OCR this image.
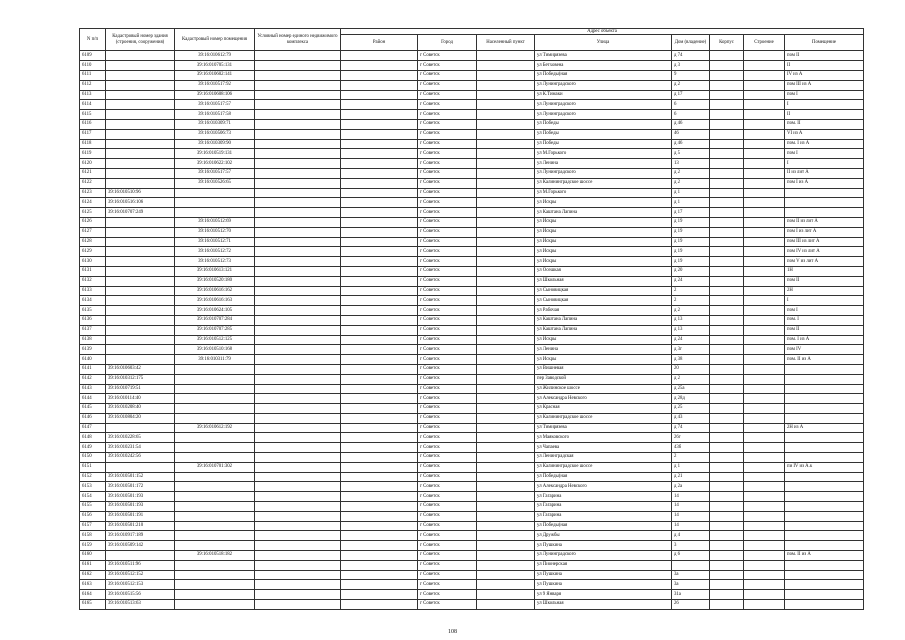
N п/п	Кадастровый номер здания (строения, сооружения)	Кадастровый номер помещения	Условный номер единого недвижимого комплекса	Адрес объекта							
				Район	Город	Населенный пункт	Улица	Дом (владение)	Корпус	Строение	Помещение
6109		39:16:010612:79			г Советск		ул Тимирязева	д 74			пом II
6110		39:16:010705:131			г Советск		ул Бетховена	д 3			II
6111		39:16:010602:141			г Советск		ул Победы(ная	9			IV из А
6112		39:16:010517:92			г Советск		ул Лунинградского	д 2			пом III из А
6113		39:16:010608:106			г Советск		ул К.Тимаки	д 17			пом I
6114		39:16:010517:57			г Советск		ул Лунинградского	6			I
6115		39:16:010517:58			г Советск		ул Лунинградского	6			II
6116		39:16:010309:71			г Советск		ул Победы	д 46			пом. II
6117		39:16:010506:73			г Советск		ул Победы	46			VI из А
6118		39:16:010309:90			г Советск		ул Победы	д 46			пом. I из А
6119		39:16:010519:131			г Советск		ул М.Горького	д 5			пом I
6120		39:16:010622:102			г Советск		ул Ленина	13			I
6121		39:16:010517:57			г Советск		ул Лунинградского	д 2			II из лит А
6122		39:16:010526:65			г Советск		ул Калининградское шоссе	д 2			пом I из А
6123	39:16:010510:96				г Советск		ул М.Горького	д 1			
6124	39:16:010516:106				г Советск		ул Искры	д 1			
6125	39:16:010707:249				г Советск		ул Каштана Лапина	д 17			
6126		39:16:010512:69			г Советск		ул Искры	д 19			пом II из лит А
6127		39:16:010512:70			г Советск		ул Искры	д 19			пом I из лит А
6128		39:16:010512:71			г Советск		ул Искры	д 19			пом III из лит А
6129		39:16:010512:72			г Советск		ул Искры	д 19			пом IV из лит А
6130		39:16:010512:73			г Советск		ул Искры	д 19			пом V из лит А
6131		39:16:010613:121			г Советск		ул Осешкая	д 20			1Н
6132		39:16:010520:180			г Советск		ул Школьная	д 24			пом II
6133		39:16:010616:162			г Советск		ул Сыновицкая	2			2Н
6134		39:16:010616:163			г Советск		ул Сыновицкая	2			I
6135		39:16:010624:105			г Советск		ул Рабочая	д 2			пом I
6136		39:16:010707:284			г Советск		ул Каштана Лапина	д 13			пом. I
6137		39:16:010707:285			г Советск		ул Каштана Лапина	д 13			пом II
6138		39:16:010512:125			г Советск		ул Искры	д 24			пом. I из А
6139		39:16:010510:168			г Советск		ул Ленина	д 3г			пом IV
6140		39:16:010311:79			г Советск		ул Искры	д 38			пом. II из А
6141	39:16:010603:42				г Советск		ул Вишневая	20			
6142	39:16:010312:175				г Советск		пер Заводской	д 2			
6143	39:16:010719:51				г Советск		ул Жилинское шоссе	д 25а			
6144	39:16:010114:40				г Советск		ул Александра Невского	д 28д			
6145	39:16:010208:40				г Советск		ул Красная	д 25			
6146	39:16:010804:20				г Советск		ул Калининградское шоссе	д 43			
6147		39:16:010612:192			г Советск		ул Тимирязева	д 74			2Н из А
6148	39:16:010228:65				г Советск		ул Маяковского	26г			
6149	39:16:010231:54				г Советск		ул Чапаева	43б			
6150	39:16:010242:56				г Советск		ул Ленинградская	2			
6151		39:16:010701:302			г Советск		ул Калининградское шоссе	д 1			пи IV из А.к
6152	39:16:010501:152				г Советск		ул Победы(ная	д 21			
6153	39:16:010501:172				г Советск		ул Александра Невского	д 2а			
6154	39:16:010501:193				г Советск		ул Гагарина	14			
6155	39:16:010501:193				г Советск		ул Гагарина	14			
6156	39:16:010501:191				г Советск		ул Гагарина	14			
6157	39:16:010501:210				г Советск		ул Победы(ная	14			
6158	39:16:010917:189				г Советск		ул Дружбы	д 4			
6159	39:16:010509:142				г Советск		ул Пушкина	3			
6160		39:16:010518:182			г Советск		ул Лунинградского	д 6			пом. II из А
6161	39:16:010511:96				г Советск		ул Пионерская				
6162	39:16:010512:152				г Советск		ул Пушкина	3а			
6163	39:16:010512:153				г Советск		ул Пушкина	3а			
6164	39:16:010515:56				г Советск		ул 9 Января	31а			
6165	39:16:010513:63				г Советск		ул Школьная	26			
108
